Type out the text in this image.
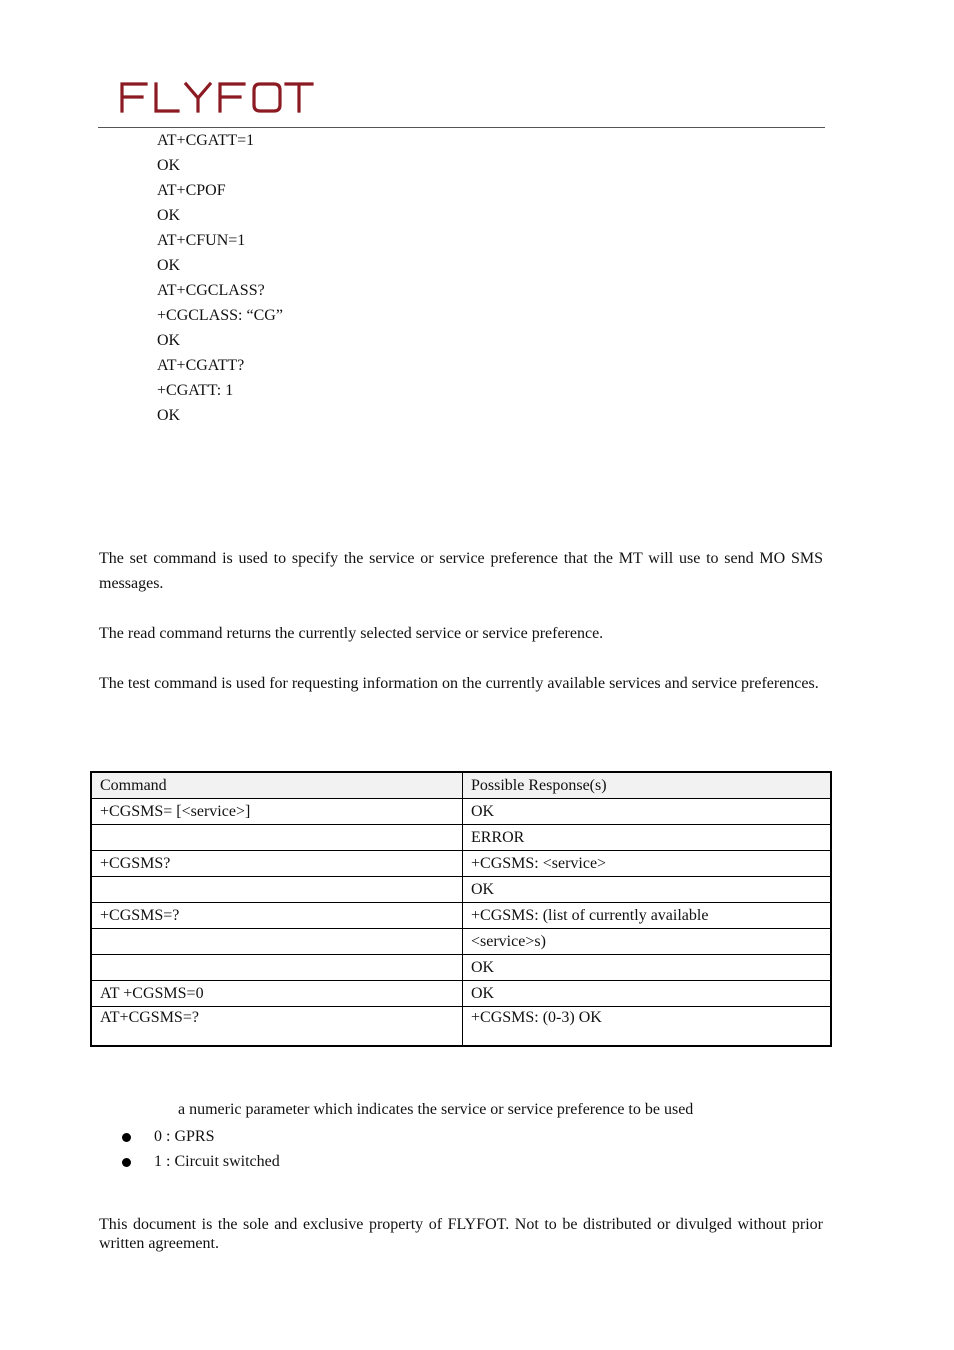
AT+CGATT=1
OK
AT+CPOF
OK
AT+CFUN=1
OK
AT+CGCLASS?
+CGCLASS: “CG”
OK
AT+CGATT?
+CGATT: 1
OK
The set command is used to specify the service or service preference that the MT will use to send MO SMS messages.
The read command returns the currently selected service or service preference.
The test command is used for requesting information on the currently available services and service preferences.
Command	Possible Response(s)
+CGSMS= [<service>]	OK
	ERROR
+CGSMS?	+CGSMS: <service>
	OK
+CGSMS=?	+CGSMS: (list of currently available
	<service>s)
	OK
AT +CGSMS=0	OK
AT+CGSMS=?	+CGSMS: (0-3) OK
a numeric parameter which indicates the service or service preference to be used
0 : GPRS
1 : Circuit switched
This document is the sole and exclusive property of FLYFOT. Not to be distributed or divulged without prior written agreement.
